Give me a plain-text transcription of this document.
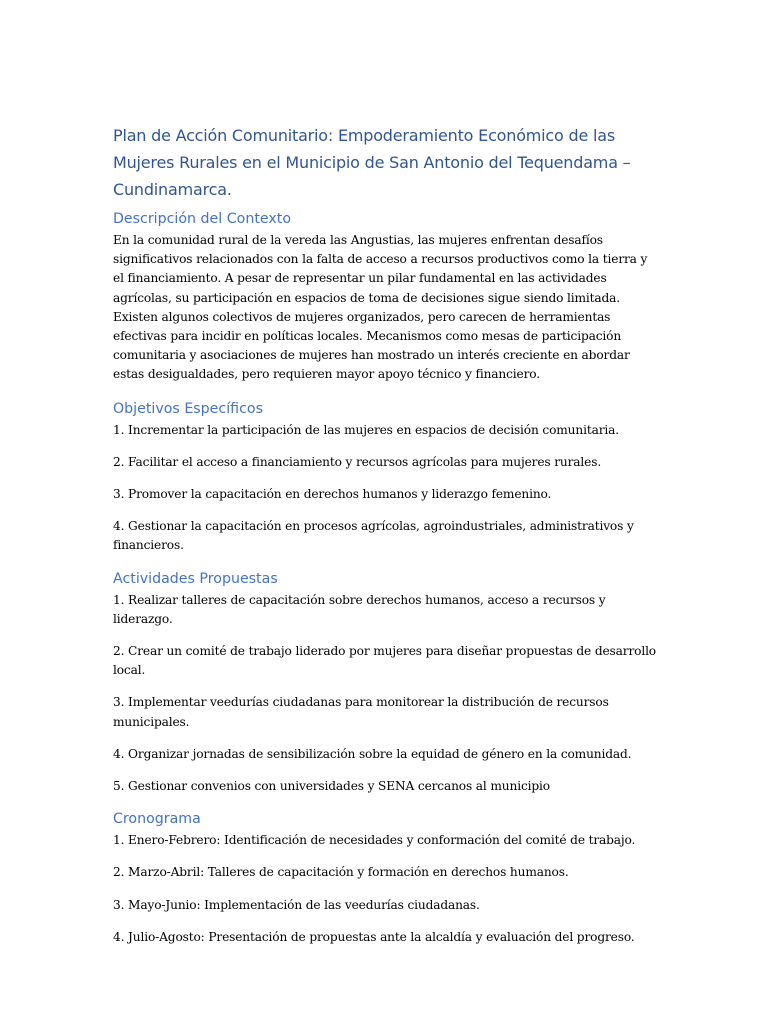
Plan de Acción Comunitario: Empoderamiento Económico de las Mujeres Rurales en el Municipio de San Antonio del Tequendama – Cundinamarca.
Descripción del Contexto

En la comunidad rural de la vereda las Angustias, las mujeres enfrentan desafíos significativos relacionados con la falta de acceso a recursos productivos como la tierra y el financiamiento. A pesar de representar un pilar fundamental en las actividades agrícolas, su participación en espacios de toma de decisiones sigue siendo limitada. Existen algunos colectivos de mujeres organizados, pero carecen de herramientas efectivas para incidir en políticas locales. Mecanismos como mesas de participación comunitaria y asociaciones de mujeres han mostrado un interés creciente en abordar estas desigualdades, pero requieren mayor apoyo técnico y financiero.

Objetivos Específicos
1. Incrementar la participación de las mujeres en espacios de decisión comunitaria.
2. Facilitar el acceso a financiamiento y recursos agrícolas para mujeres rurales.
3. Promover la capacitación en derechos humanos y liderazgo femenino.
4. Gestionar la capacitación en procesos agrícolas, agroindustriales, administrativos y financieros.
Actividades Propuestas
1. Realizar talleres de capacitación sobre derechos humanos, acceso a recursos y liderazgo.
2. Crear un comité de trabajo liderado por mujeres para diseñar propuestas de desarrollo local.
3. Implementar veedurías ciudadanas para monitorear la distribución de recursos municipales.
4. Organizar jornadas de sensibilización sobre la equidad de género en la comunidad.
5. Gestionar convenios con universidades y SENA cercanos al municipio
Cronograma
1. Enero-Febrero: Identificación de necesidades y conformación del comité de trabajo.
2. Marzo-Abril: Talleres de capacitación y formación en derechos humanos.
3. Mayo-Junio: Implementación de las veedurías ciudadanas.
4. Julio-Agosto: Presentación de propuestas ante la alcaldía y evaluación del progreso.
